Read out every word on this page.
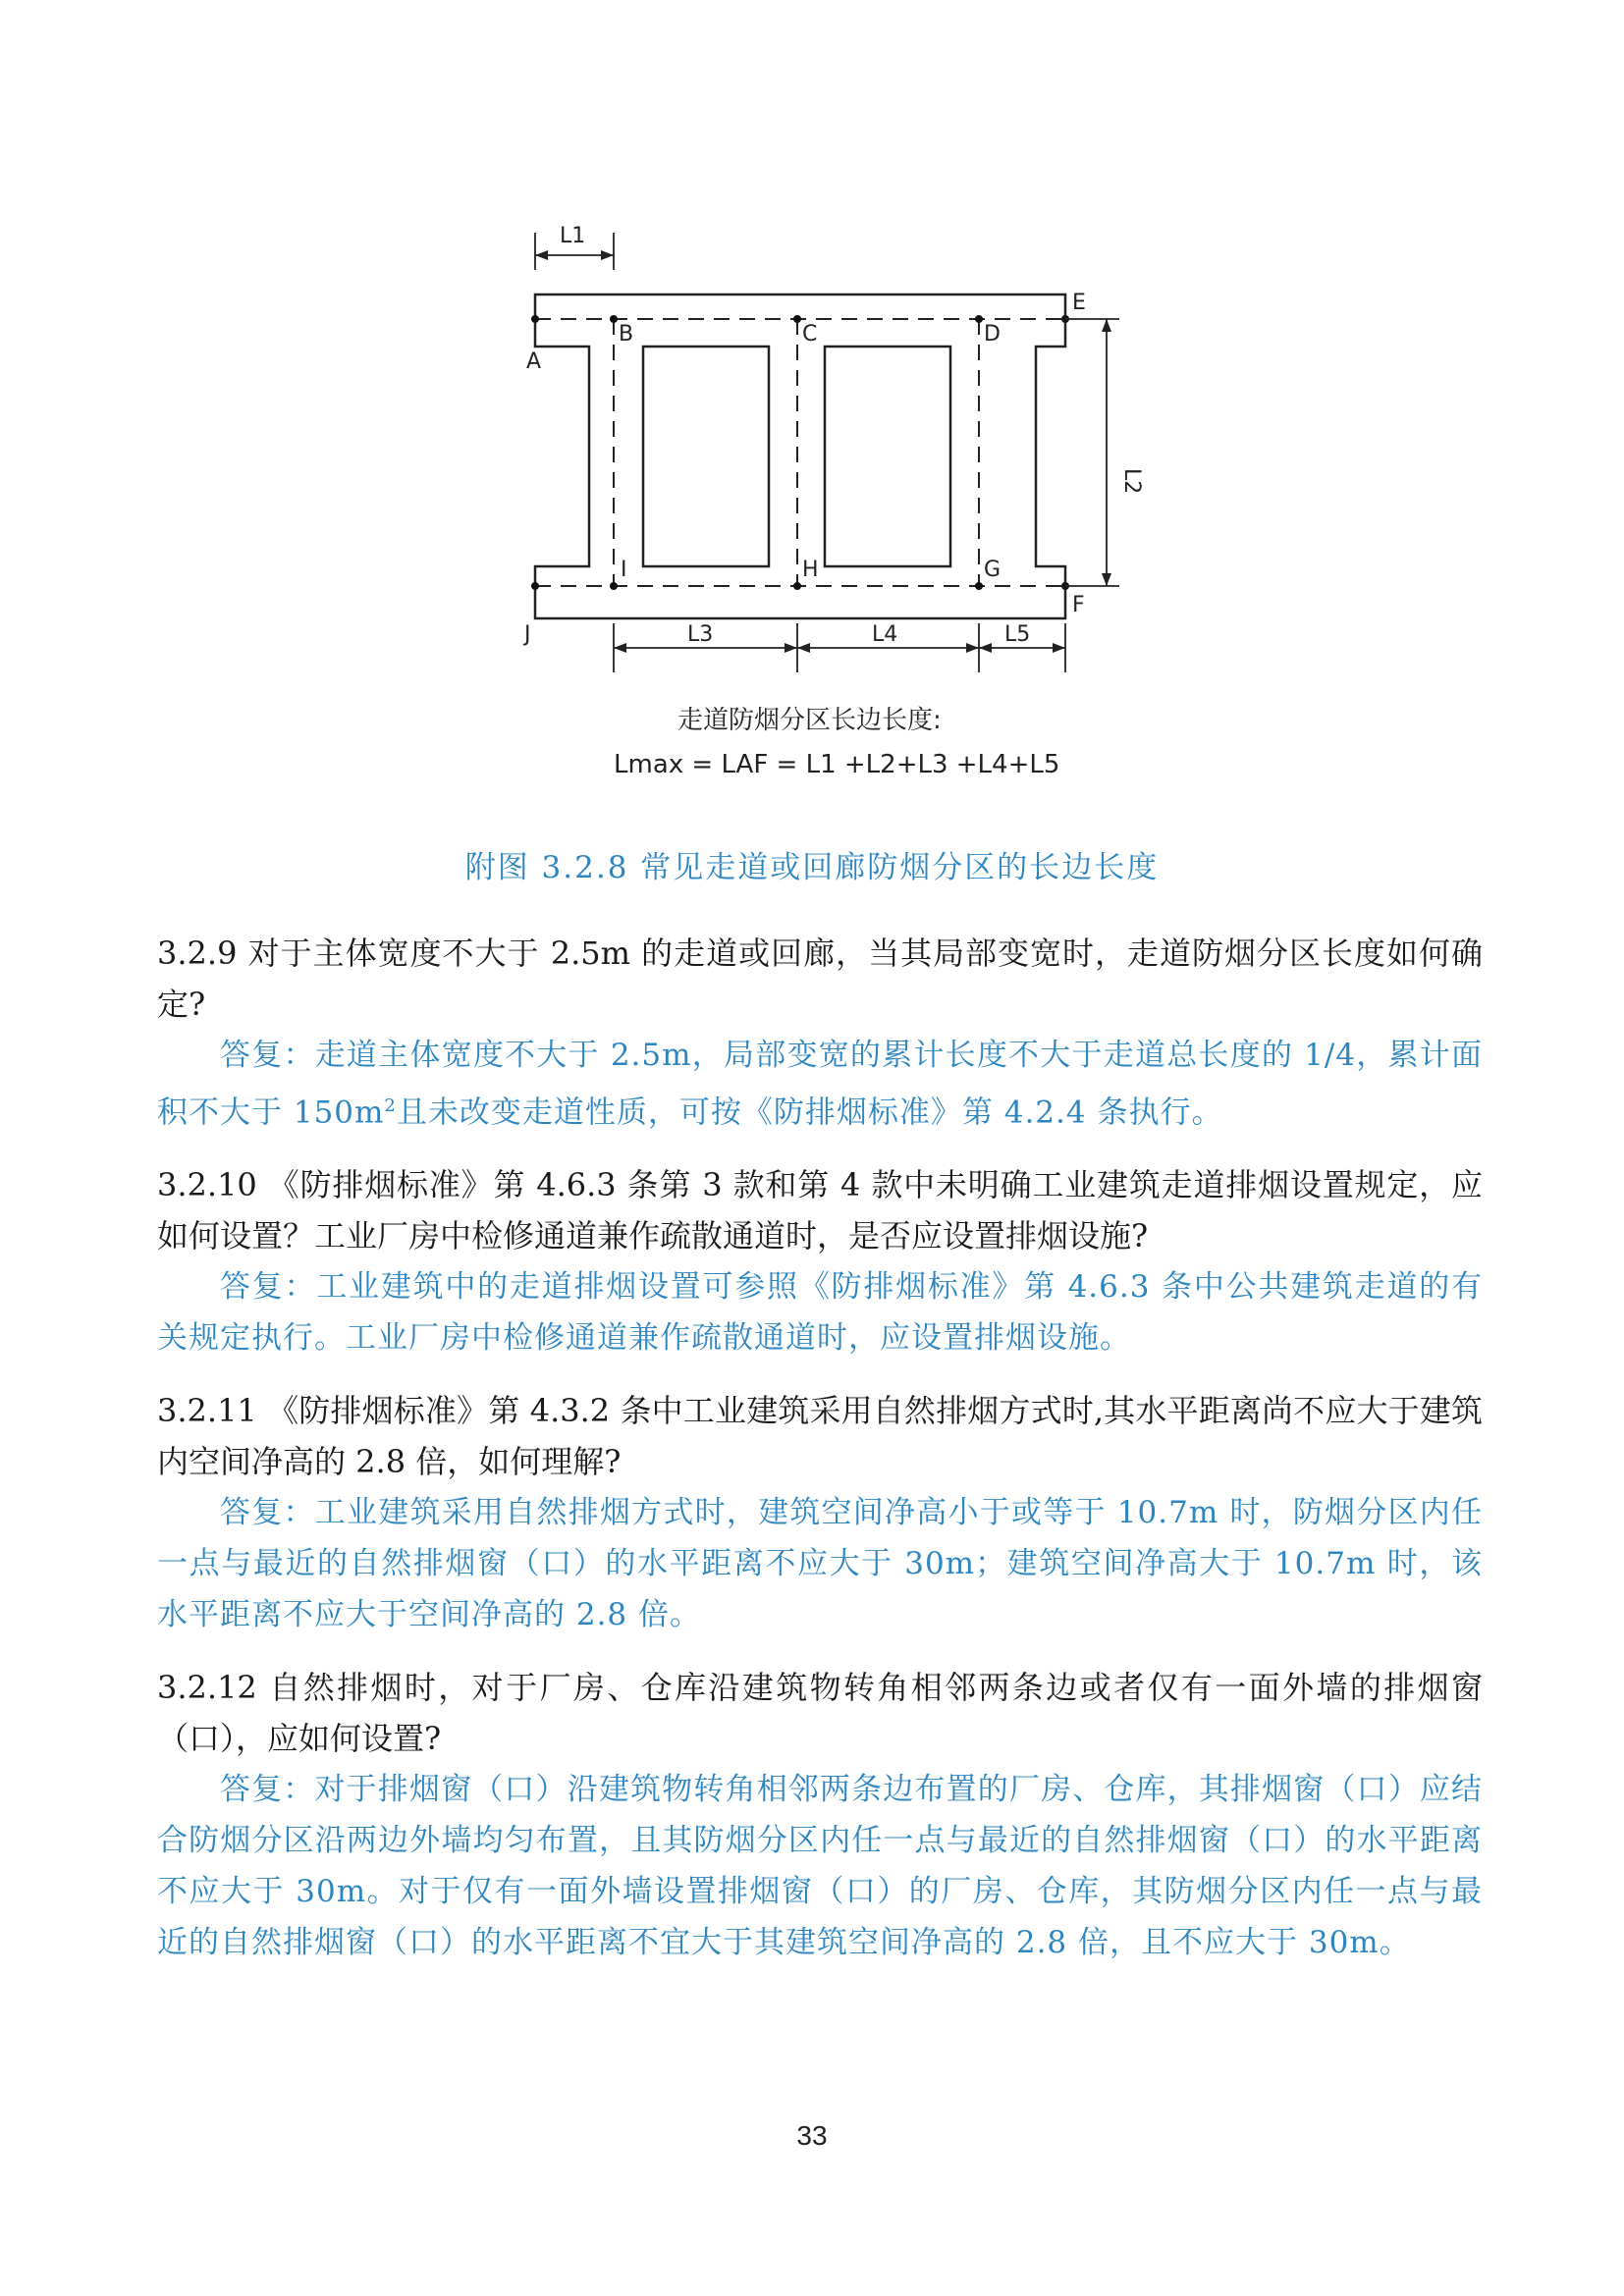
A
B	C	D
E
F
G
H
I
J
L1
L2
L3	L4	L5
走道防烟分区长边长度:
Lmax = LAF = L1 +L2+L3 +L4+L5
附图 3.2.8 常见走道或回廊防烟分区的长边长度

3.2.9 对于主体宽度不大于 2.5m 的走道或回廊，当其局部变宽时，走道防烟分区长度如何确定?

答复：走道主体宽度不大于 2.5m，局部变宽的累计长度不大于走道总长度的 1/4，累计面积不大于 $150m^2$且未改变走道性质，可按《防排烟标准》第 4.2.4 条执行。

3.2.10 《防排烟标准》第 4.6.3 条第 3 款和第 4 款中未明确工业建筑走道排烟设置规定，应如何设置？工业厂房中检修通道兼作疏散通道时，是否应设置排烟设施?

答复：工业建筑中的走道排烟设置可参照《防排烟标准》第 4.6.3 条中公共建筑走道的有关规定执行。工业厂房中检修通道兼作疏散通道时，应设置排烟设施。

3.2.11 《防排烟标准》第 4.3.2 条中工业建筑采用自然排烟方式时,其水平距离尚不应大于建筑内空间净高的 2.8 倍，如何理解?

答复：工业建筑采用自然排烟方式时，建筑空间净高小于或等于 10.7m 时，防烟分区内任一点与最近的自然排烟窗（口）的水平距离不应大于 30m；建筑空间净高大于 10.7m 时，该水平距离不应大于空间净高的 2.8 倍。

3.2.12 自然排烟时，对于厂房、仓库沿建筑物转角相邻两条边或者仅有一面外墙的排烟窗（口），应如何设置?

答复：对于排烟窗（口）沿建筑物转角相邻两条边布置的厂房、仓库，其排烟窗（口）应结合防烟分区沿两边外墙均匀布置，且其防烟分区内任一点与最近的自然排烟窗（口）的水平距离不应大于 30m。对于仅有一面外墙设置排烟窗（口）的厂房、仓库，其防烟分区内任一点与最近的自然排烟窗（口）的水平距离不宜大于其建筑空间净高的 2.8 倍，且不应大于 30m。

33
